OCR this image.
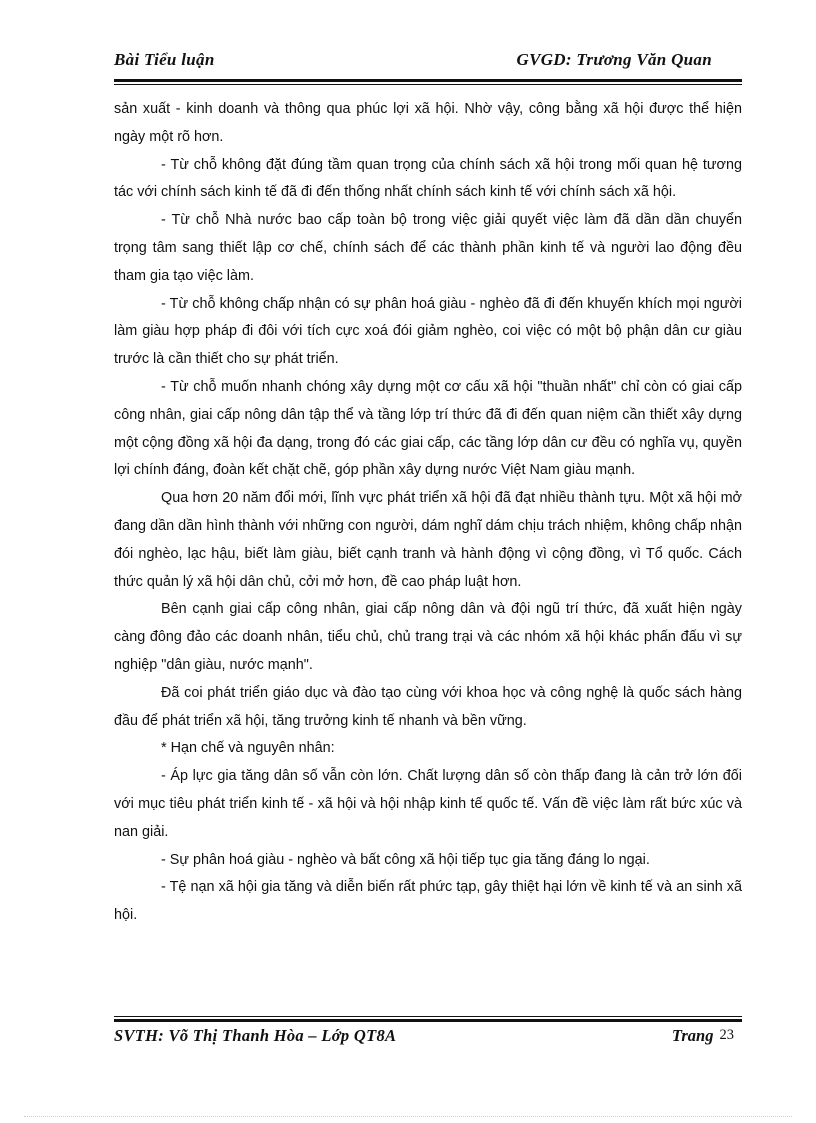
Bài Tiểu luận	GVGD: Trương Văn Quan

sản xuất - kinh doanh và thông qua phúc lợi xã hội. Nhờ vậy, công bằng xã hội được thể hiện ngày một rõ hơn.

- Từ chỗ không đặt đúng tầm quan trọng của chính sách xã hội trong mối quan hệ tương tác với chính sách kinh tế đã đi đến thống nhất chính sách kinh tế với chính sách xã hội.

- Từ chỗ Nhà nước bao cấp toàn bộ trong việc giải quyết việc làm đã dần dần chuyển trọng tâm sang thiết lập cơ chế, chính sách để các thành phần kinh tế và người lao động đều tham gia tạo việc làm.

- Từ chỗ không chấp nhận có sự phân hoá giàu - nghèo đã đi đến khuyến khích mọi người làm giàu hợp pháp đi đôi với tích cực xoá đói giảm nghèo, coi việc có một bộ phận dân cư giàu trước là cần thiết cho sự phát triển.

- Từ chỗ muốn nhanh chóng xây dựng một cơ cấu xã hội "thuần nhất" chỉ còn có giai cấp công nhân, giai cấp nông dân tập thể và tầng lớp trí thức đã đi đến quan niệm cần thiết xây dựng một cộng đồng xã hội đa dạng, trong đó các giai cấp, các tầng lớp dân cư đều có nghĩa vụ, quyền lợi chính đáng, đoàn kết chặt chẽ, góp phần xây dựng nước Việt Nam giàu mạnh.

Qua hơn 20 năm đổi mới, lĩnh vực phát triển xã hội đã đạt nhiều thành tựu. Một xã hội mở đang dần dần hình thành với những con người, dám nghĩ dám chịu trách nhiệm, không chấp nhận đói nghèo, lạc hậu, biết làm giàu, biết cạnh tranh và hành động vì cộng đồng, vì Tổ quốc. Cách thức quản lý xã hội dân chủ, cởi mở hơn, đề cao pháp luật hơn.

Bên cạnh giai cấp công nhân, giai cấp nông dân và đội ngũ trí thức, đã xuất hiện ngày càng đông đảo các doanh nhân, tiểu chủ, chủ trang trại và các nhóm xã hội khác phấn đấu vì sự nghiệp "dân giàu, nước mạnh".

Đã coi phát triển giáo dục và đào tạo cùng với khoa học và công nghệ là quốc sách hàng đầu để phát triển xã hội, tăng trưởng kinh tế nhanh và bền vững.

* Hạn chế và nguyên nhân:

- Áp lực gia tăng dân số vẫn còn lớn. Chất lượng dân số còn thấp đang là cản trở lớn đối với mục tiêu phát triển kinh tế - xã hội và hội nhập kinh tế quốc tế. Vấn đề việc làm rất bức xúc và nan giải.

- Sự phân hoá giàu - nghèo và bất công xã hội tiếp tục gia tăng đáng lo ngại.

- Tệ nạn xã hội gia tăng và diễn biến rất phức tạp, gây thiệt hại lớn về kinh tế và an sinh xã hội.

SVTH: Võ Thị Thanh Hòa – Lớp QT8A	Trang 23
